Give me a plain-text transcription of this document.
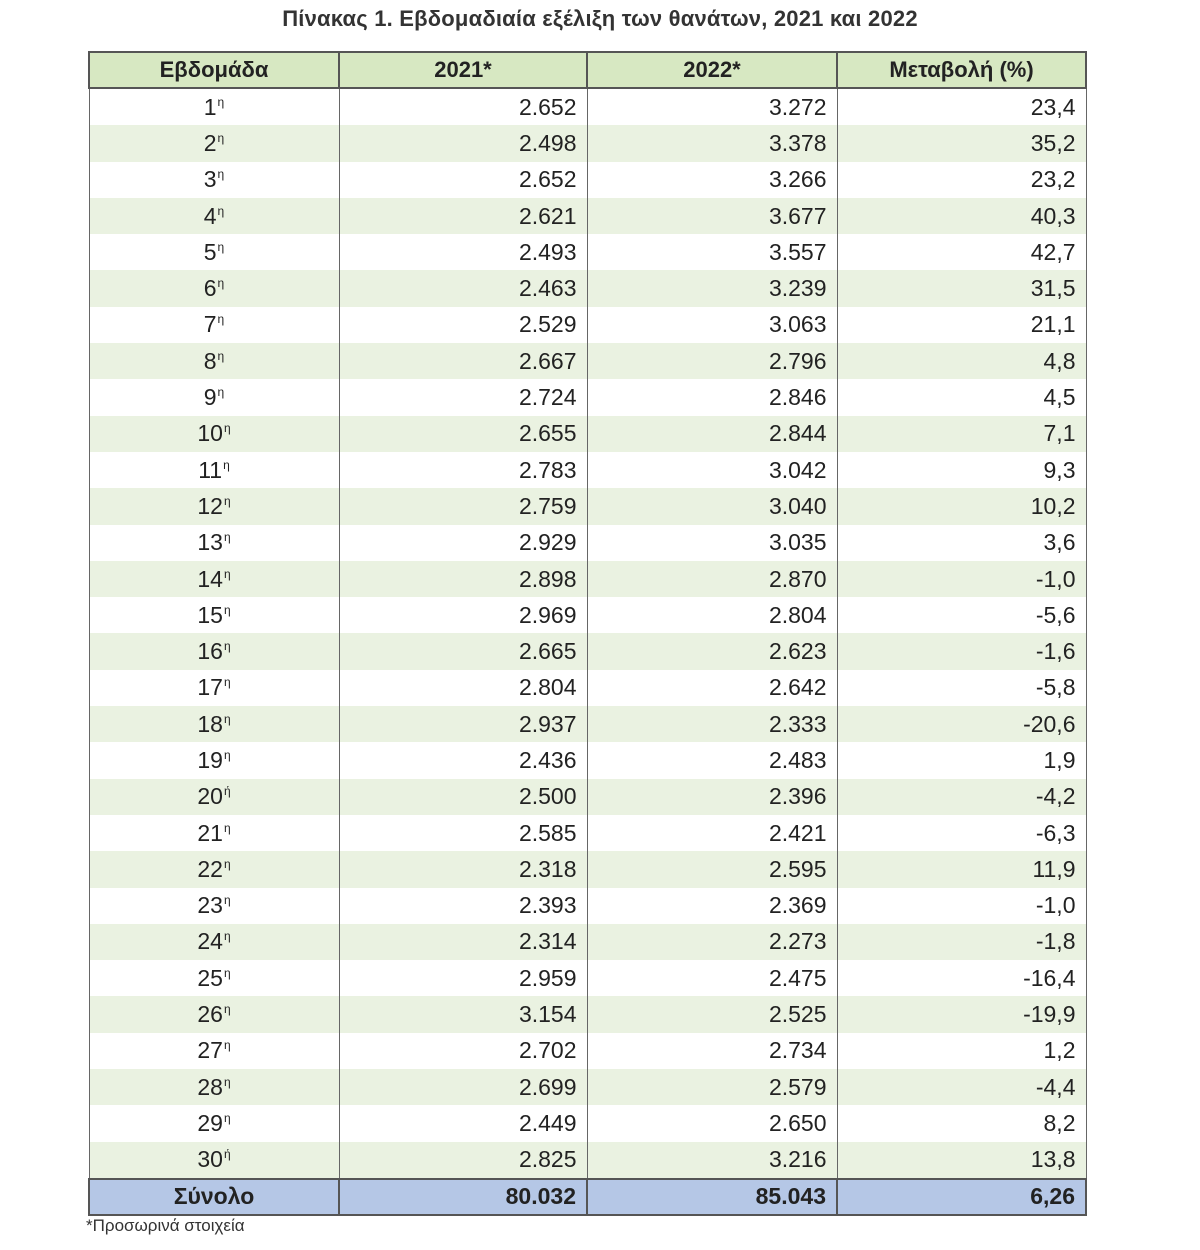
Πίνακας 1. Εβδομαδιαία εξέλιξη των θανάτων, 2021 και 2022
Εβδομάδα	2021*	2022*	Μεταβολή (%)
$1^\eta$	2.652	3.272	23,4
$2^\eta$	2.498	3.378	35,2
$3^\eta$	2.652	3.266	23,2
$4^\eta$	2.621	3.677	40,3
$5^\eta$	2.493	3.557	42,7
$6^\eta$	2.463	3.239	31,5
$7^\eta$	2.529	3.063	21,1
$8^\eta$	2.667	2.796	4,8
$9^\eta$	2.724	2.846	4,5
$10^\eta$	2.655	2.844	7,1
$11^\eta$	2.783	3.042	9,3
$12^\eta$	2.759	3.040	10,2
$13^\eta$	2.929	3.035	3,6
$14^\eta$	2.898	2.870	-1,0
$15^\eta$	2.969	2.804	-5,6
$16^\eta$	2.665	2.623	-1,6
$17^\eta$	2.804	2.642	-5,8
$18^\eta$	2.937	2.333	-20,6
$19^\eta$	2.436	2.483	1,9
$20^ή$	2.500	2.396	-4,2
$21^\eta$	2.585	2.421	-6,3
$22^\eta$	2.318	2.595	11,9
$23^\eta$	2.393	2.369	-1,0
$24^\eta$	2.314	2.273	-1,8
$25^\eta$	2.959	2.475	-16,4
$26^\eta$	3.154	2.525	-19,9
$27^\eta$	2.702	2.734	1,2
$28^\eta$	2.699	2.579	-4,4
$29^\eta$	2.449	2.650	8,2
$30^ή$	2.825	3.216	13,8
Σύνολο	80.032	85.043	6,26
*Προσωρινά στοιχεία
